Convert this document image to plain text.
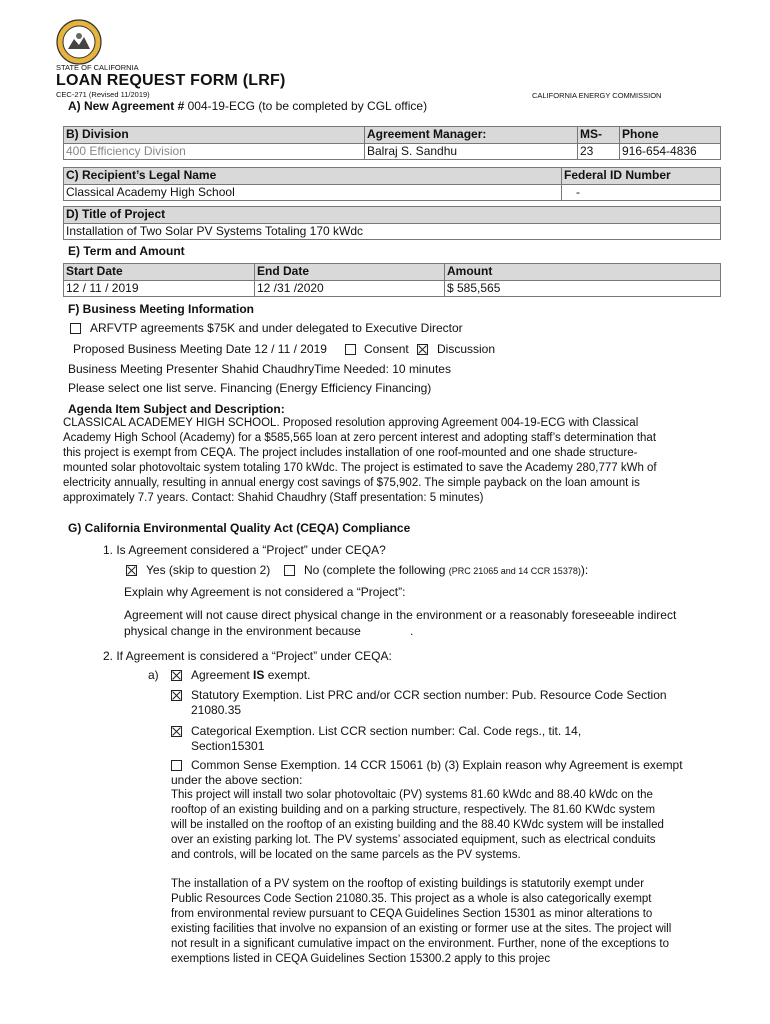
STATE OF CALIFORNIA
LOAN REQUEST FORM (LRF)
CEC-271 (Revised 11/2019)	CALIFORNIA ENERGY COMMISSION
A) New Agreement # 004-19-ECG (to be completed by CGL office)
B) Division	Agreement Manager:	MS-	Phone
400 Efficiency Division	Balraj S. Sandhu	23	916-654-4836
C) Recipient’s Legal Name	Federal ID Number
Classical Academy High School	-
D) Title of Project
Installation of Two Solar PV Systems Totaling 170 kWdc
E) Term and Amount
Start Date	End Date	Amount
12 / 11 / 2019	12 /31 /2020	$ 585,565
F) Business Meeting Information
ARFVTP agreements $75K and under delegated to Executive Director
Proposed Business Meeting Date 12 / 11 / 2019	Consent Discussion
Business Meeting Presenter Shahid Chaudhry Time Needed: 10 minutes
Please select one list serve. Financing (Energy Efficiency Financing)
Agenda Item Subject and Description:
CLASSICAL ACADEMEY HIGH SCHOOL. Proposed resolution approving Agreement 004-19-ECG with Classical
Academy High School (Academy) for a $585,565 loan at zero percent interest and adopting staff’s determination that
this project is exempt from CEQA. The project includes installation of one roof-mounted and one shade structure-
mounted solar photovoltaic system totaling 170 kWdc. The project is estimated to save the Academy 280,777 kWh of
electricity annually, resulting in annual energy cost savings of $75,902. The simple payback on the loan amount is
approximately 7.7 years. Contact: Shahid Chaudhry (Staff presentation: 5 minutes)
G) California Environmental Quality Act (CEQA) Compliance
1. Is Agreement considered a “Project” under CEQA?
Yes (skip to question 2)	No (complete the following (PRC 21065 and 14 CCR 15378)):
Explain why Agreement is not considered a “Project”:
Agreement will not cause direct physical change in the environment or a reasonably foreseeable indirect
physical change in the environment because	.
2. If Agreement is considered a “Project” under CEQA:
a)	Agreement IS exempt.
Statutory Exemption. List PRC and/or CCR section number: Pub. Resource Code Section
21080.35
Categorical Exemption. List CCR section number: Cal. Code regs., tit. 14,
Section15301
Common Sense Exemption. 14 CCR 15061 (b) (3) Explain reason why Agreement is exempt
under the above section:
This project will install two solar photovoltaic (PV) systems 81.60 kWdc and 88.40 kWdc on the
rooftop of an existing building and on a parking structure, respectively. The 81.60 KWdc system
will be installed on the rooftop of an existing building and the 88.40 KWdc system will be installed
over an existing parking lot. The PV systems’ associated equipment, such as electrical conduits
and controls, will be located on the same parcels as the PV systems.
The installation of a PV system on the rooftop of existing buildings is statutorily exempt under
Public Resources Code Section 21080.35. This project as a whole is also categorically exempt
from environmental review pursuant to CEQA Guidelines Section 15301 as minor alterations to
existing facilities that involve no expansion of an existing or former use at the sites. The project will
not result in a significant cumulative impact on the environment. Further, none of the exceptions to
exemptions listed in CEQA Guidelines Section 15300.2 apply to this projec
